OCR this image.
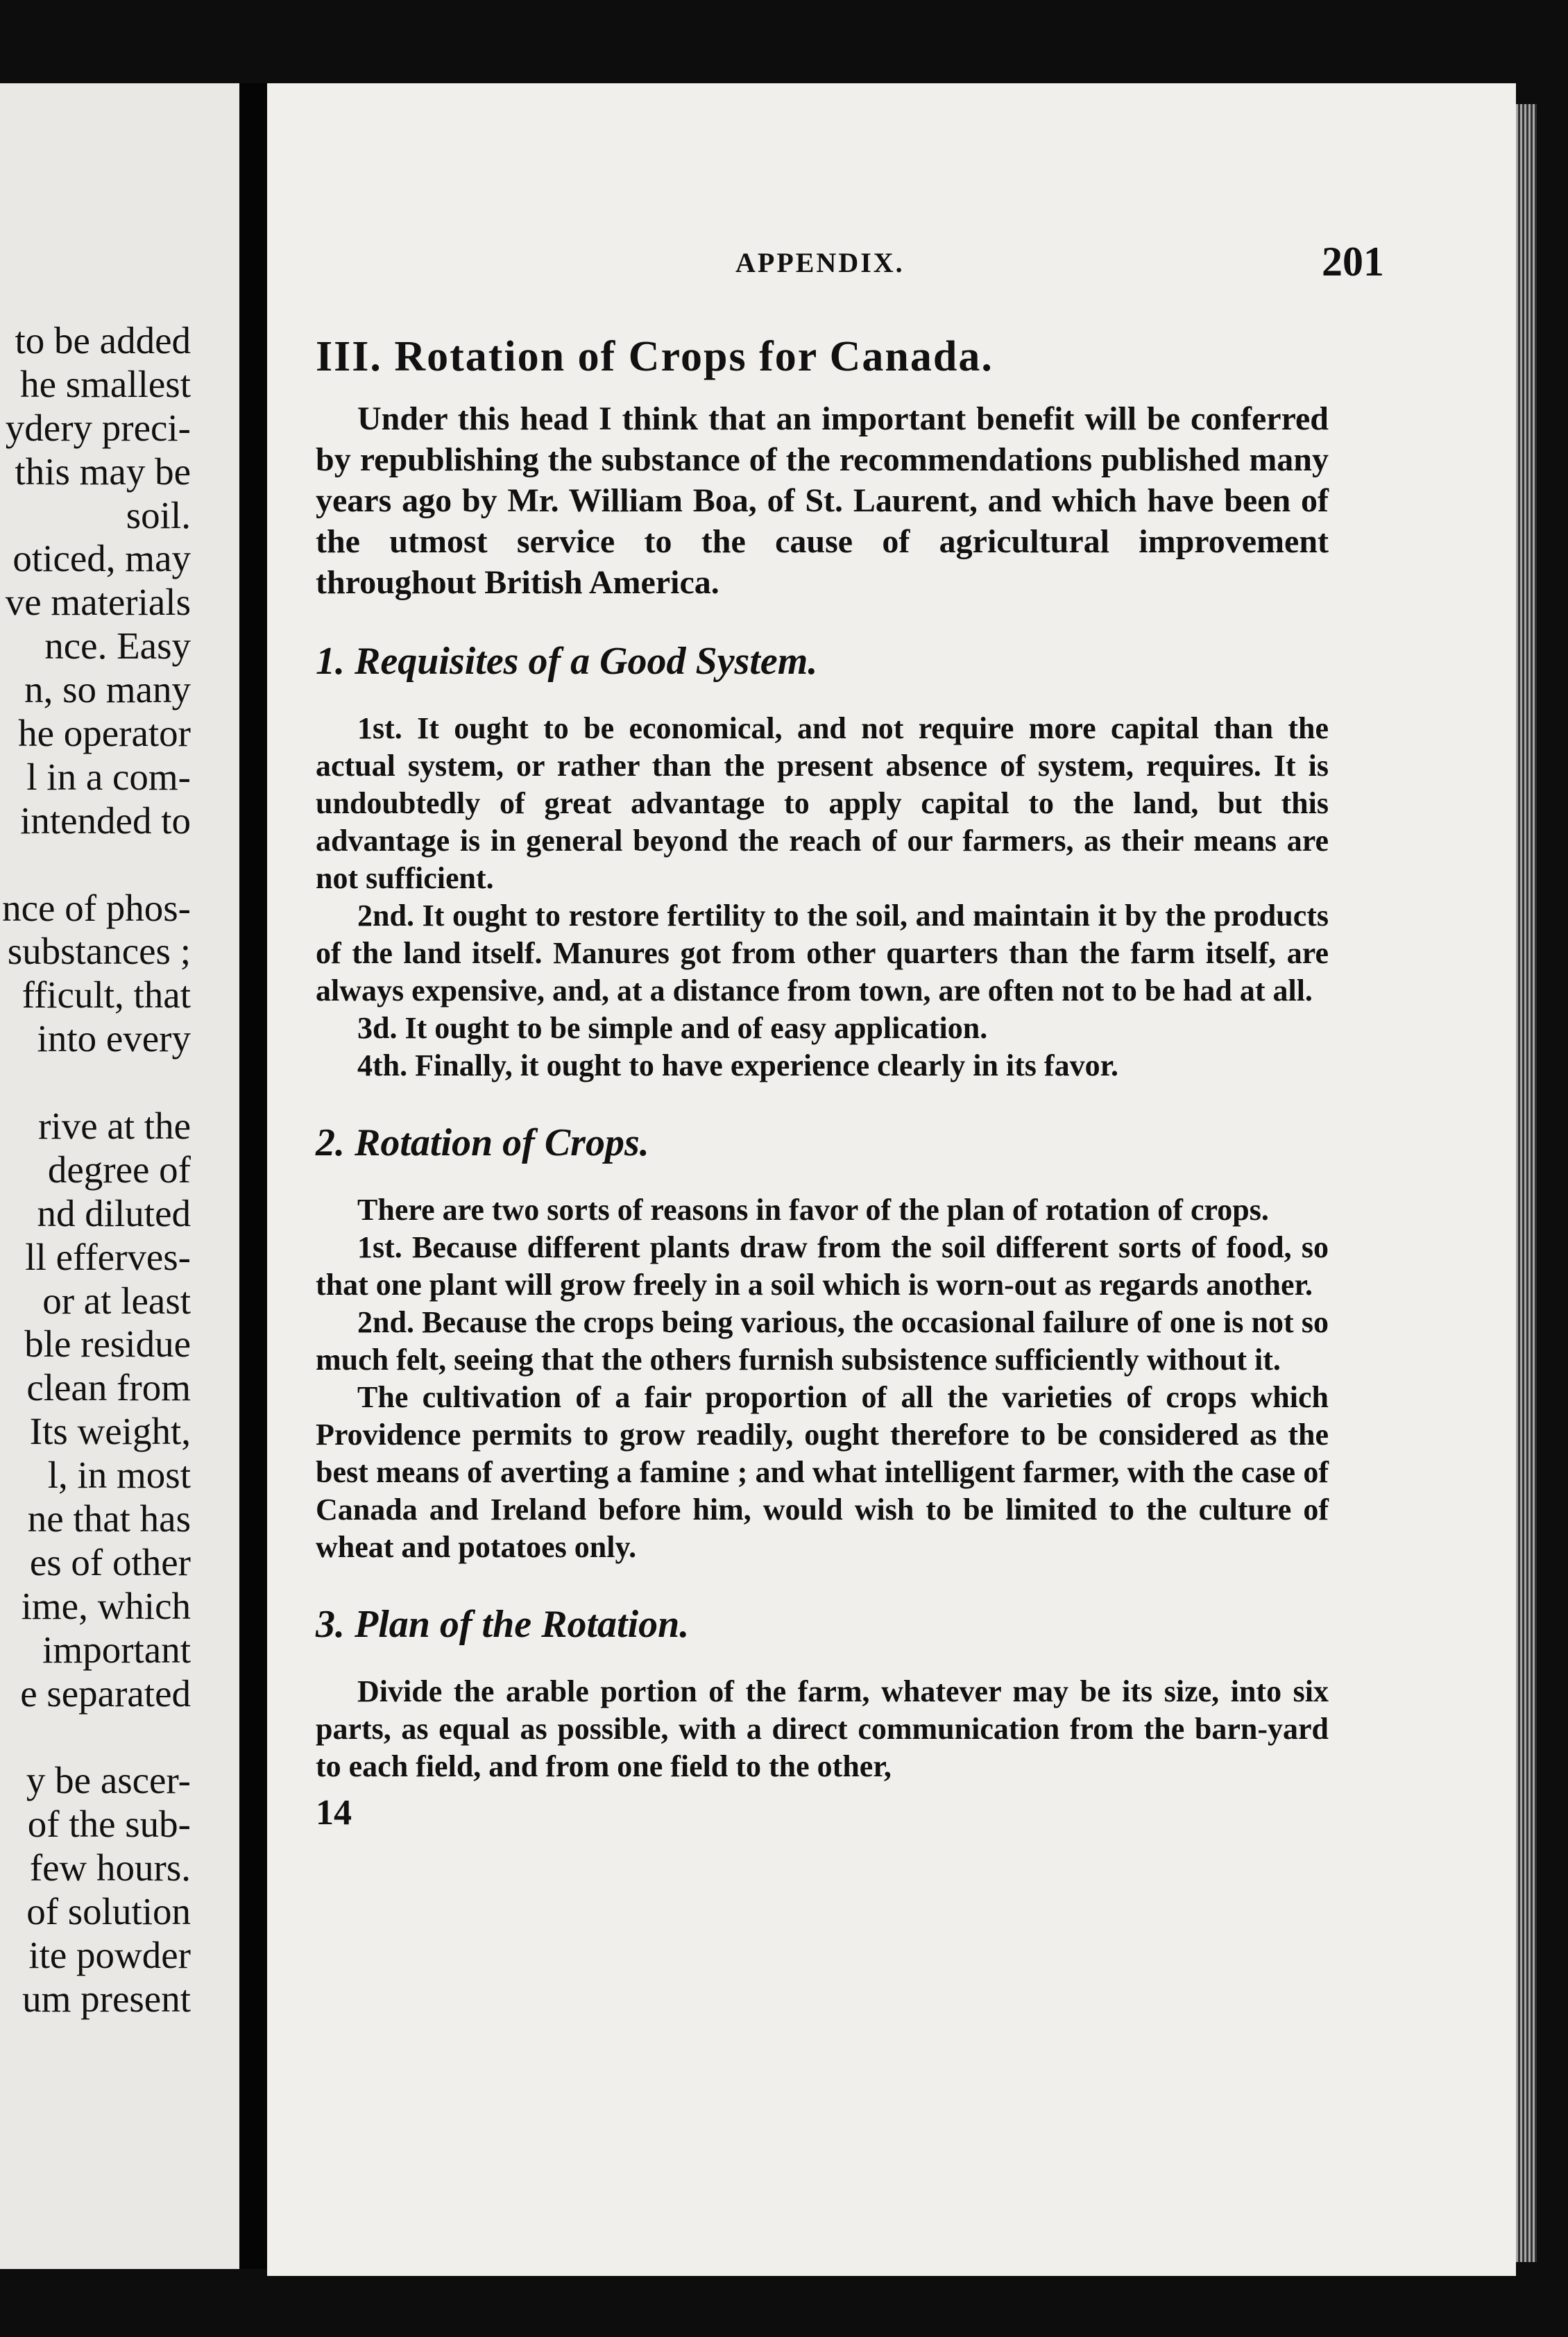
to be added
he smallest
ydery preci-
this may be
soil.
oticed, may
ve materials
nce. Easy
n, so many
he operator
l in a com-
intended to
nce of phos-
substances ;
fficult, that
into every
rive at the
degree of
nd diluted
ll efferves-
or at least
ble residue
clean from
Its weight,
l, in most
ne that has
es of other
ime, which
important
e separated
y be ascer-
of the sub-
few hours.
of solution
ite powder
um present
APPENDIX.	201

III. Rotation of Crops for Canada.

Under this head I think that an important benefit will be conferred by republishing the substance of the recommendations published many years ago by Mr. William Boa, of St. Laurent, and which have been of the utmost service to the cause of agricultural improvement throughout British America.

1. Requisites of a Good System.

1st. It ought to be economical, and not require more capital than the actual system, or rather than the present absence of system, requires. It is undoubtedly of great advantage to apply capital to the land, but this advantage is in general beyond the reach of our farmers, as their means are not sufficient.

2nd. It ought to restore fertility to the soil, and maintain it by the products of the land itself. Manures got from other quarters than the farm itself, are always expensive, and, at a distance from town, are often not to be had at all.

3d. It ought to be simple and of easy application.

4th. Finally, it ought to have experience clearly in its favor.

2. Rotation of Crops.

There are two sorts of reasons in favor of the plan of rotation of crops.

1st. Because different plants draw from the soil different sorts of food, so that one plant will grow freely in a soil which is worn-out as regards another.

2nd. Because the crops being various, the occasional failure of one is not so much felt, seeing that the others furnish subsistence sufficiently without it.

The cultivation of a fair proportion of all the varieties of crops which Providence permits to grow readily, ought therefore to be considered as the best means of averting a famine ; and what intelligent farmer, with the case of Canada and Ireland before him, would wish to be limited to the culture of wheat and potatoes only.

3. Plan of the Rotation.

Divide the arable portion of the farm, whatever may be its size, into six parts, as equal as possible, with a direct communication from the barn-yard to each field, and from one field to the other,

14
